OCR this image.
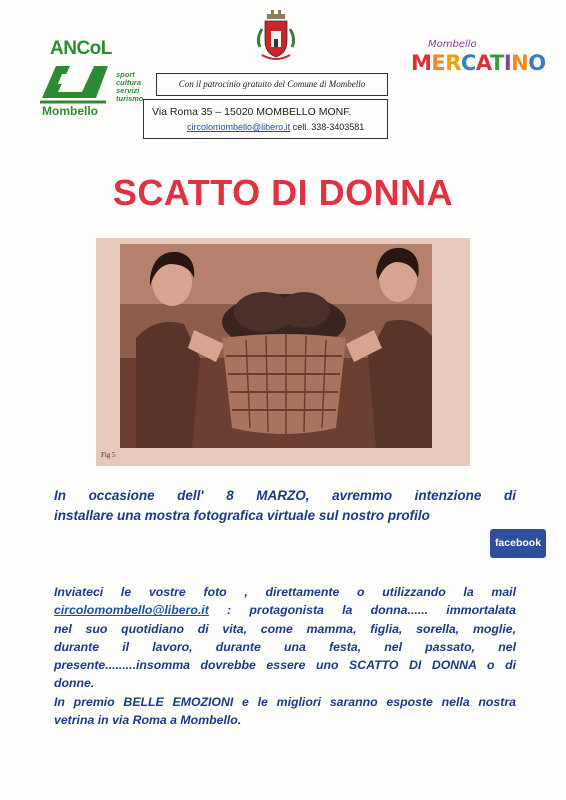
ANCoL
sport
cultura
servizi
turismo
Mombello
Con il patrocinio gratuito del Comune di Mombello
Via Roma 35 – 15020 MOMBELLO MONF.
circolomombello@libero.it cell. 338-3403581
Mombello
MERCATINO
SCATTO DI DONNA
Fig 5
In occasione dell' 8 MARZO, avremmo intenzione di
installare una mostra fotografica virtuale sul nostro profilo
facebook
Inviateci le vostre foto , direttamente o utilizzando la mail
circolomombello@libero.it : protagonista la donna...... immortalata
nel suo quotidiano di vita, come mamma, figlia, sorella, moglie,
durante il lavoro, durante una festa, nel passato, nel
presente.........insomma dovrebbe essere uno SCATTO DI DONNA o di
donne.
In premio BELLE EMOZIONI e le migliori saranno esposte nella nostra
vetrina in via Roma a Mombello.
